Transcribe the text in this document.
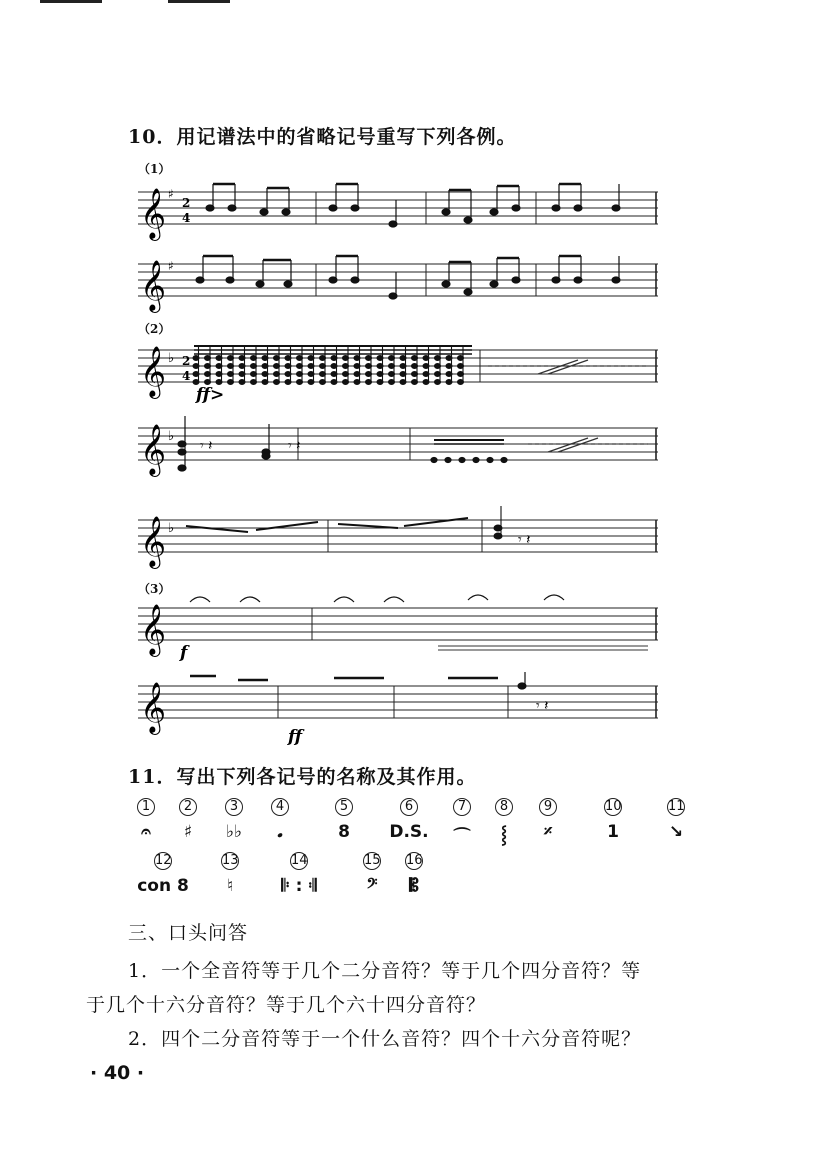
10．用记谱法中的省略记号重写下列各例。
（1）
𝄞 ♯
2
4
𝄞 ♯
（2）
𝄞 ♭ 2
4
ff>
𝄞 ♭
𝄾 𝄽	𝄾 𝄽
𝄞 ♭
𝄾 𝄽
（3）
𝄞 f
𝄞
ff
𝄾 𝄽
11．写出下列各记号的名称及其作用。
1
𝄐
2
♯
3
♭♭
4
𝅘
5
8
6
D.S.
7
⌒
8
⸾
9
𝄎
10
1
11
↘
12
con 8
13
♮
14
𝄆 : 𝄇
15
𝄢
16
𝄡
三、口头问答
1．一个全音符等于几个二分音符？等于几个四分音符？等
于几个十六分音符？等于几个六十四分音符？
2．四个二分音符等于一个什么音符？四个十六分音符呢？
· 40 ·
